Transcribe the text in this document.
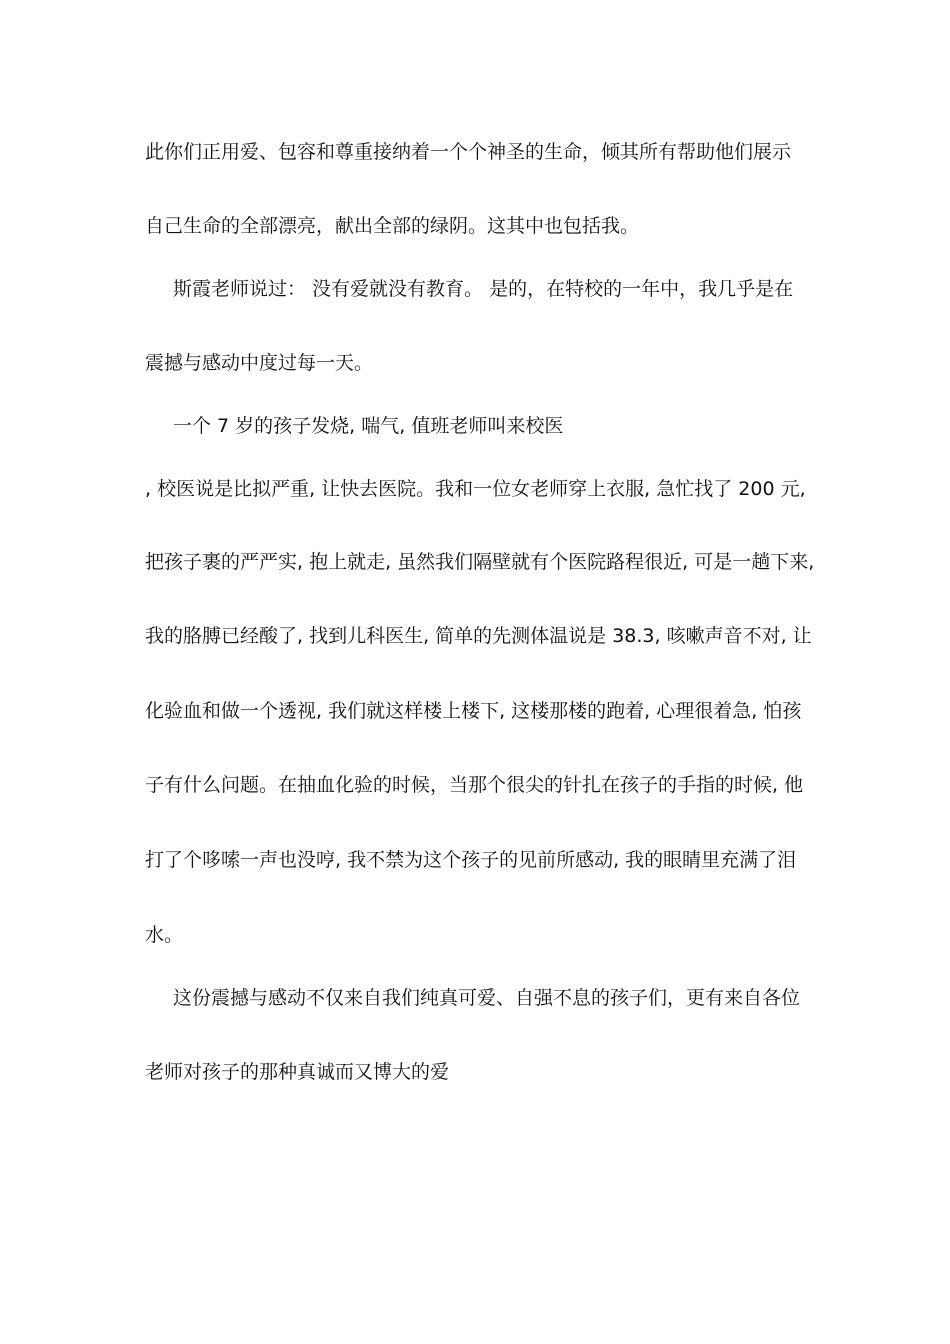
此你们正用爱、包容和尊重接纳着一个个神圣的生命，倾其所有帮助他们展示
自己生命的全部漂亮，献出全部的绿阴。这其中也包括我。
斯霞老师说过： 没有爱就没有教育。 是的，在特校的一年中，我几乎是在
震撼与感动中度过每一天。
一个 7 岁的孩子发烧, 喘气, 值班老师叫来校医
, 校医说是比拟严重, 让快去医院。我和一位女老师穿上衣服, 急忙找了 200 元,
把孩子裹的严严实, 抱上就走, 虽然我们隔壁就有个医院路程很近, 可是一趟下来,
我的胳膊已经酸了, 找到儿科医生, 简单的先测体温说是 38.3, 咳嗽声音不对, 让
化验血和做一个透视, 我们就这样楼上楼下, 这楼那楼的跑着, 心理很着急, 怕孩
子有什么问题。在抽血化验的时候，当那个很尖的针扎在孩子的手指的时候, 他
打了个哆嗦一声也没哼, 我不禁为这个孩子的见前所感动, 我的眼睛里充满了泪
水。
这份震撼与感动不仅来自我们纯真可爱、自强不息的孩子们，更有来自各位
老师对孩子的那种真诚而又博大的爱
